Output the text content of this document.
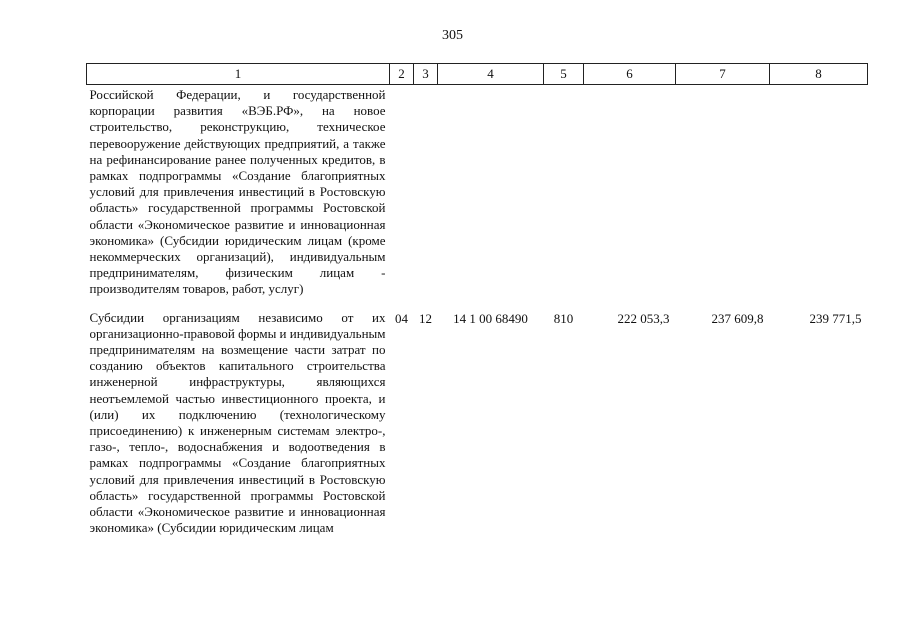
305
1	2	3	4	5	6	7	8
Российской Федерации, и государственной корпорации развития «ВЭБ.РФ», на новое строительство, реконструкцию, техническое перевооружение действующих предприятий, а также на рефинансирование ранее полученных кредитов, в рамках подпрограммы «Создание благоприятных условий для привлечения инвестиций в Ростовскую область» государственной программы Ростовской области «Экономическое развитие и инновационная экономика» (Субсидии юридическим лицам (кроме некоммерческих организаций), индивидуальным предпринимателям, физическим лицам - производителям товаров, работ, услуг)							
Субсидии организациям независимо от их организационно-правовой формы и индивидуальным предпринимателям на возмещение части затрат по созданию объектов капитального строительства инженерной инфраструктуры, являющихся неотъемлемой частью инвестиционного проекта, и (или) их подключению (технологическому присоединению) к инженерным системам электро-, газо-, тепло-, водоснабжения и водоотведения в рамках подпрограммы «Создание благоприятных условий для привлечения инвестиций в Ростовскую область» государственной программы Ростовской области «Экономическое развитие и инновационная экономика» (Субсидии юридическим лицам	04	12	14 1 00 68490	810	222 053,3	237 609,8	239 771,5
